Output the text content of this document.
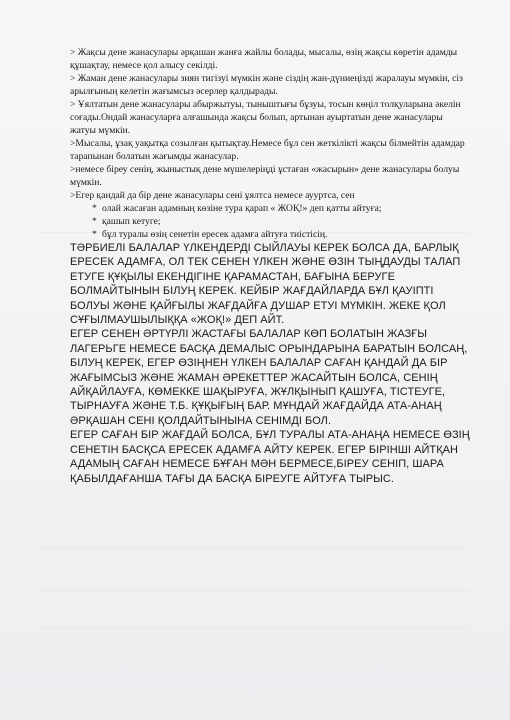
> Жақсы дене жанасулары әрқашан жанға жайлы болады, мысалы, өзің жақсы көретін адамды құшақтау, немесе қол алысу секілді.

> Жаман дене жанасулары зиян тигізуі мүмкін және сіздің жан-дүниеңізді жаралауы мүмкін, сіз арылғының келетін жағымсыз әсерлер қалдырады.

> Ұялтатын дене жанасулары абыржытуы, тыныштығы бұзуы, тосын көңіл толқуларына әкелін соғады.Ондай жанасуларға алғашында жақсы болып, артынан ауыртатын дене жанасулары жатуы мүмкін.

>Мысалы, ұзақ уақытқа созылған қытықтау.Немесе бұл сен жеткілікті жақсы білмейтін адамдар тарапынан болатын жағымды жанасулар.

>немесе біреу сенің, жыныстық дене мүшелеріңді ұстаған «жасырын» дене жанасулары болуы мүмкін.

>Егер қандай да бір дене жанасулары сені ұялтса немесе аууртса, сен

* олай жасаған адамның көзіне тура қарап « ЖОҚ!» деп қатты айтуға;
* қашып кетуге;
* бұл туралы өзің сенетін ересек адамға айтуға тиістісің.

ТӘРБИЕЛІ БАЛАЛАР ҮЛКЕНДЕРДІ СЫЙЛАУЫ КЕРЕК БОЛСА ДА, БАРЛЫҚ ЕРЕСЕК АДАМҒА, ОЛ ТЕК СЕНЕН ҮЛКЕН ЖӘНЕ ӨЗІН ТЫҢДАУДЫ ТАЛАП ЕТУГЕ ҚҰҚЫЛЫ ЕКЕНДІГІНЕ ҚАРАМАСТАН, БАҒЫНА БЕРУГЕ БОЛМАЙТЫНЫН БІЛУҢ КЕРЕК. КЕЙБІР ЖАҒДАЙЛАРДА БҰЛ ҚАУІПТІ БОЛУЫ ЖӘНЕ ҚАЙҒЫЛЫ ЖАҒДАЙҒА ДУШАР ЕТУІ МҮМКІН. ЖЕКЕ ҚОЛ СҰҒЫЛМАУШЫЛЫҚҚА «ЖОҚ!» ДЕП АЙТ.

ЕГЕР СЕНЕН ӘРТҮРЛІ ЖАСТАҒЫ БАЛАЛАР КӨП БОЛАТЫН ЖАЗҒЫ ЛАГЕРЬГЕ НЕМЕСЕ БАСҚА ДЕМАЛЫС ОРЫНДАРЫНА БАРАТЫН БОЛСАҢ, БІЛУҢ КЕРЕК, ЕГЕР ӨЗІҢНЕН ҮЛКЕН БАЛАЛАР САҒАН ҚАНДАЙ ДА БІР ЖАҒЫМСЫЗ ЖӘНЕ ЖАМАН ӘРЕКЕТТЕР ЖАСАЙТЫН БОЛСА, СЕНІҢ АЙҚАЙЛАУҒА, КӨМЕККЕ ШАҚЫРУҒА, ЖҰЛҚЫНЫП ҚАШУҒА, ТІСТЕУГЕ, ТЫРНАУҒА ЖӘНЕ Т.Б. ҚҰҚЫҒЫҢ БАР. МҰНДАЙ ЖАҒДАЙДА АТА-АНАҢ ӘРҚАШАН СЕНІ ҚОЛДАЙТЫНЫНА СЕНІМДІ БОЛ.

ЕГЕР САҒАН БІР ЖАҒДАЙ БОЛСА, БҰЛ ТУРАЛЫ АТА-АНАҢА НЕМЕСЕ ӨЗІҢ СЕНЕТІН БАСҚСА ЕРЕСЕК АДАМҒА АЙТУ КЕРЕК. ЕГЕР БІРІНШІ АЙТҚАН АДАМЫҢ САҒАН НЕМЕСЕ БҰҒАН МӘН БЕРМЕСЕ,БІРЕУ СЕНІП, ШАРА ҚАБЫЛДАҒАНША ТАҒЫ ДА БАСҚА БІРЕУГЕ АЙТУҒА ТЫРЫС.
